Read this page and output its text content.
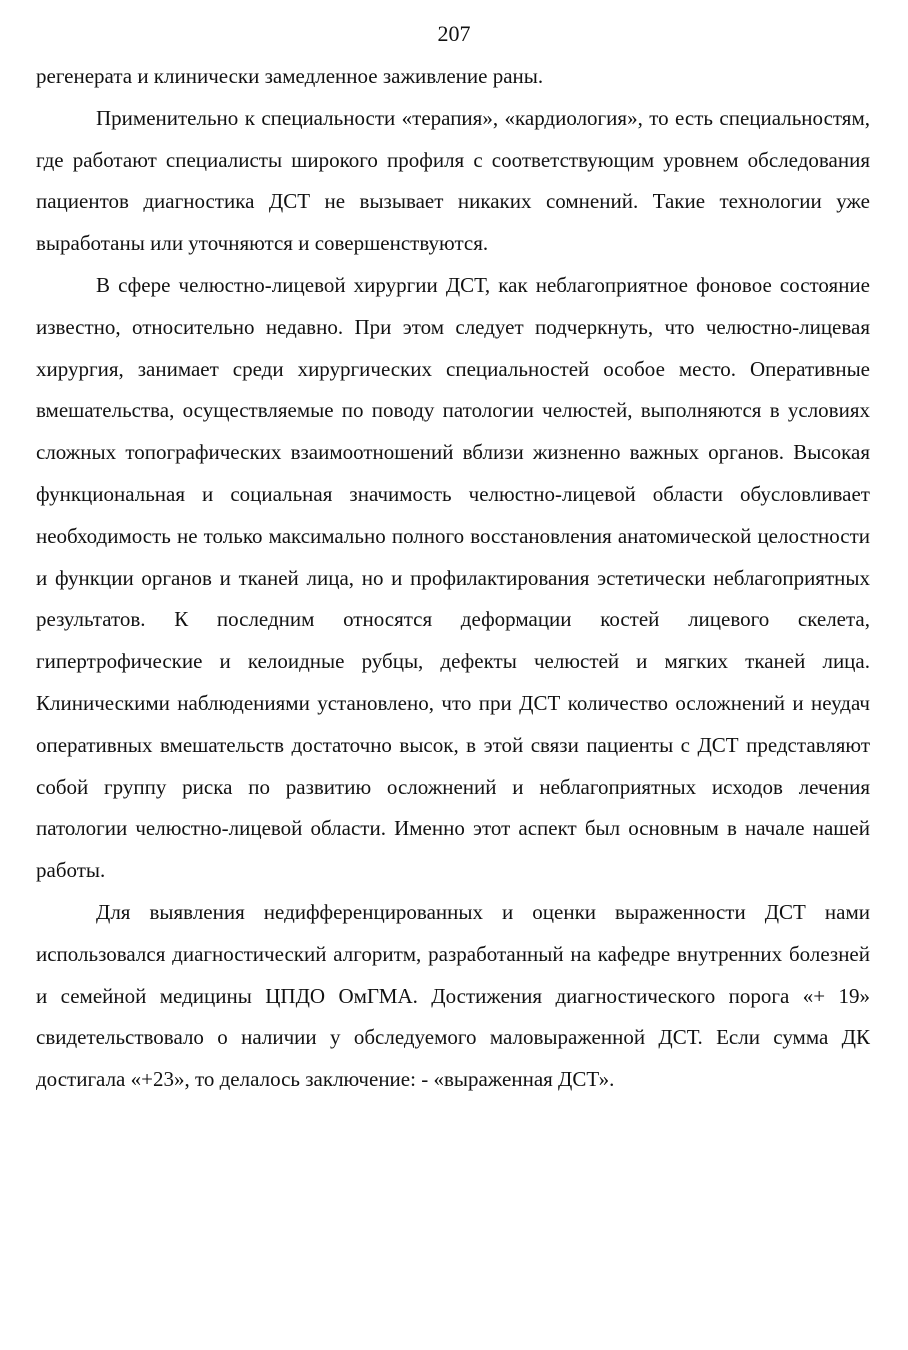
207

регенерата и клинически замедленное заживление раны.

Применительно к специальности «терапия», «кардиология», то есть специальностям, где работают специалисты широкого профиля с соответствующим уровнем обследования пациентов диагностика ДСТ не вызывает никаких сомнений. Такие технологии уже выработаны или уточняются и совершенствуются.

В сфере челюстно-лицевой хирургии ДСТ, как неблагоприятное фоновое состояние известно, относительно недавно. При этом следует подчеркнуть, что челюстно-лицевая хирургия, занимает среди хирургических специальностей особое место. Оперативные вмешательства, осуществляемые по поводу патологии челюстей, выполняются в условиях сложных топографических взаимоотношений вблизи жизненно важных органов. Высокая функциональная и социальная значимость челюстно-лицевой области обусловливает необходимость не только максимально полного восстановления анатомической целостности и функции органов и тканей лица, но и профилактирования эстетически неблагоприятных результатов. К последним относятся деформации костей лицевого скелета, гипертрофические и келоидные рубцы, дефекты челюстей и мягких тканей лица. Клиническими наблюдениями установлено, что при ДСТ количество осложнений и неудач оперативных вмешательств достаточно высок, в этой связи пациенты с ДСТ представляют собой группу риска по развитию осложнений и неблагоприятных исходов лечения патологии челюстно-лицевой области. Именно этот аспект был основным в начале нашей работы.

Для выявления недифференцированных и оценки выраженности ДСТ нами использовался диагностический алгоритм, разработанный на кафедре внутренних болезней и семейной медицины ЦПДО ОмГМА. Достижения диагностического порога «+ 19» свидетельствовало о наличии у обследуемого маловыраженной ДСТ. Если сумма ДК достигала «+23», то делалось заключение: - «выраженная ДСТ».
